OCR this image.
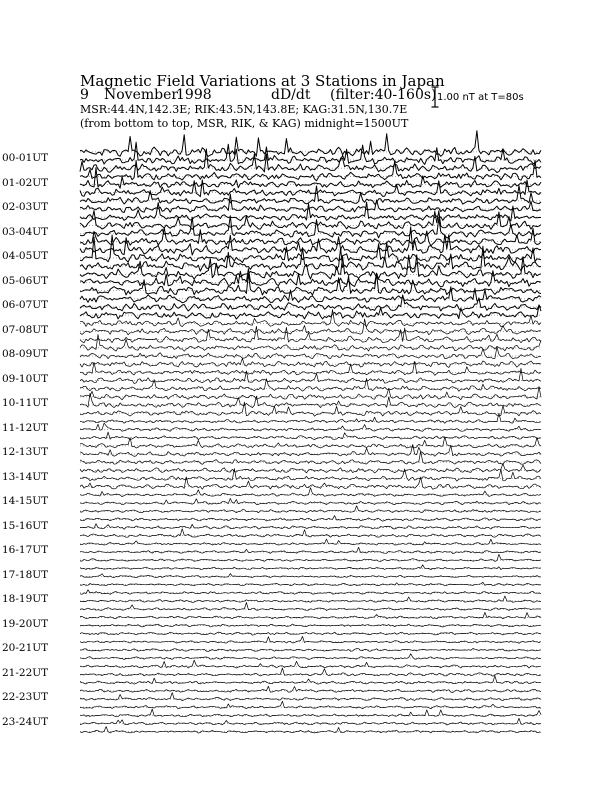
Magnetic Field Variations at 3 Stations in Japan
9 November
1998	dD/dt (filter:40-160s)
MSR:44.4N,142.3E; RIK:43.5N,143.8E; KAG:31.5N,130.7E
(from bottom to top, MSR, RIK, & KAG) midnight=1500UT
1.00 nT at T=80s
00-01UT
01-02UT
02-03UT
03-04UT
04-05UT
05-06UT
06-07UT
07-08UT
08-09UT
09-10UT
10-11UT
11-12UT
12-13UT
13-14UT
14-15UT
15-16UT
16-17UT
17-18UT
18-19UT
19-20UT
20-21UT
21-22UT
22-23UT
23-24UT
